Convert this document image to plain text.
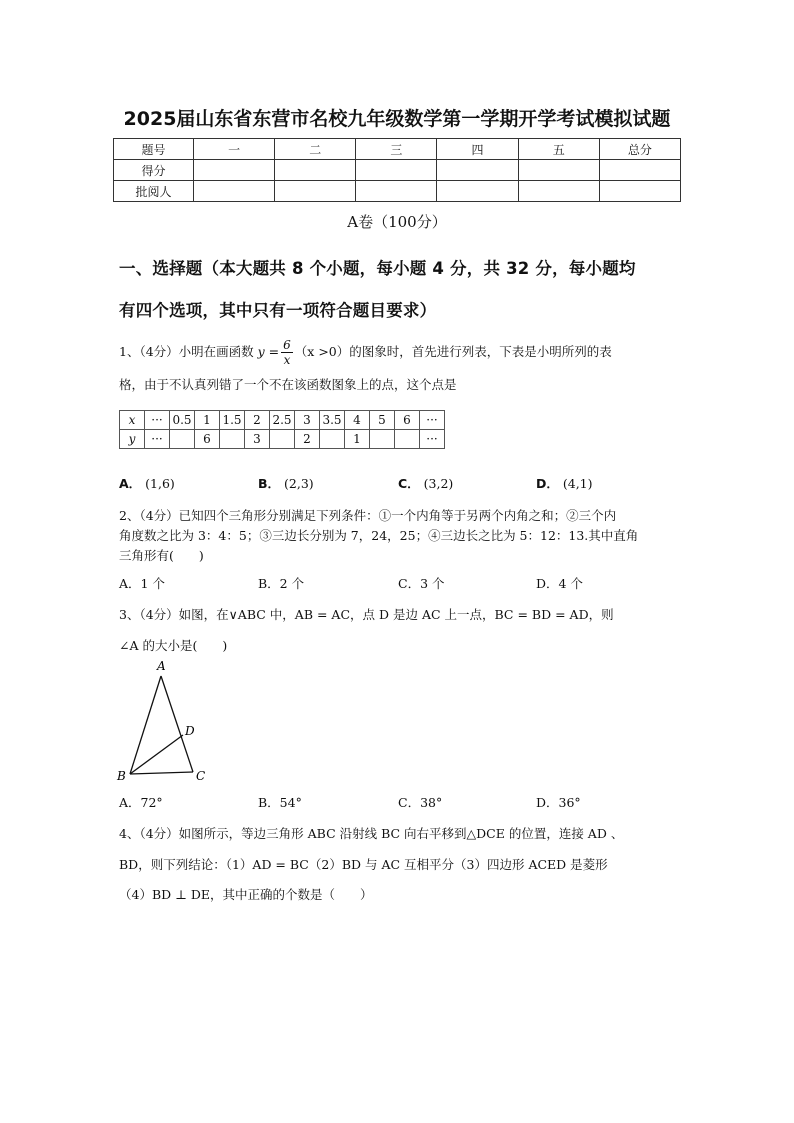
2025届山东省东营市名校九年级数学第一学期开学考试模拟试题
题号	一	二	三	四	五	总分
得分						
批阅人						
A卷（100分）
一、选择题（本大题共 8 个小题，每小题 4 分，共 32 分，每小题均
有四个选项，其中只有一项符合题目要求）
1、（4分）小明在画函数 $y = \frac{6}{x} (x >0)$的图象时，首先进行列表，下表是小明所列的表
格，由于不认真列错了一个不在该函数图象上的点，这个点是
x	···	0.5	1	1.5	2	2.5	3	3.5	4	5	6	···
y	···		6		3		2		1			···
A． (1,6)	B． (2,3)	C． (3,2)	D． (4,1)
2、（4分）已知四个三角形分别满足下列条件：①一个内角等于另两个内角之和；②三个内
角度数之比为 3：4：5；③三边长分别为 7，24，25；④三边长之比为 5：12：13.其中直角
三角形有(　　)
A．1 个	B．2 个	C．3 个	D．4 个
3、（4分）如图，在∨ABC 中，AB = AC，点 D 是边 AC 上一点，BC = BD = AD，则
∠A 的大小是(　　)
A
B	C
D
A．72°	B．54°	C．38°	D．36°
4、（4分）如图所示，等边三角形 ABC 沿射线 BC 向右平移到△DCE 的位置，连接 AD 、
BD，则下列结论：（1）AD = BC（2）BD 与 AC 互相平分（3）四边形 ACED 是菱形
（4）BD ⊥ DE，其中正确的个数是（　　）
